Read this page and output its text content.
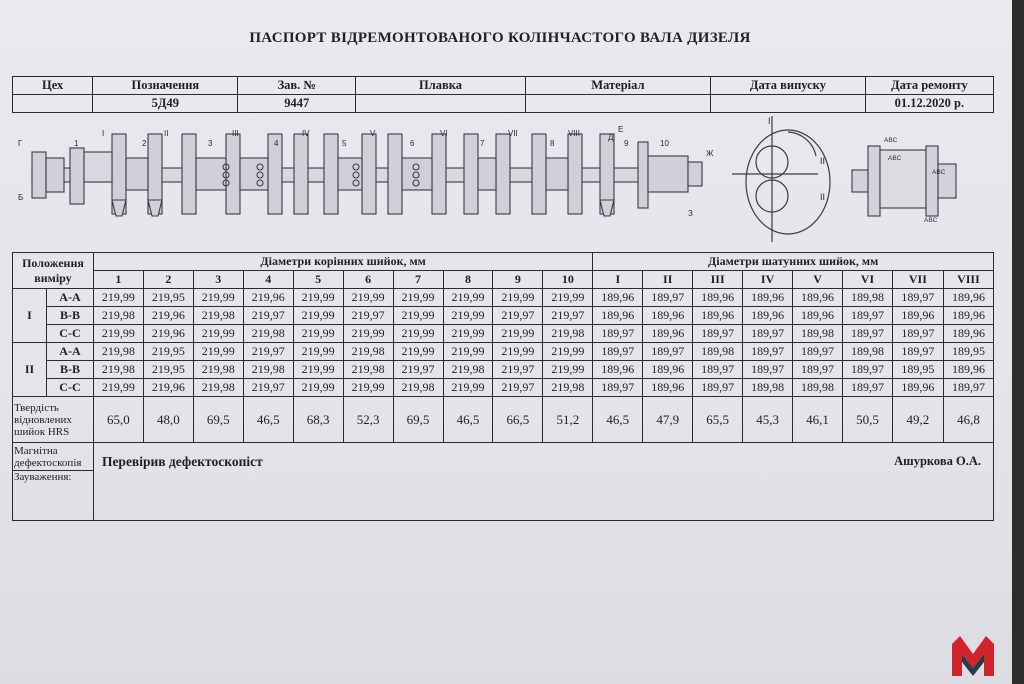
ПАСПОРТ ВІДРЕМОНТОВАНОГО КОЛІНЧАСТОГО ВАЛА ДИЗЕЛЯ
Цех	Позначення	Зав. №	Плавка	Матеріал	Дата випуску	Дата ремонту
	5Д49	9447				01.12.2020 р.
1	2	3	4	5	6	7	8	9	10
I	II	III	IV	V	VI	VII	VIII
Г
Б
Д
Е
Ж
З
I
II
II
ABC
ABC
ABC
ABC
Положення виміру		Діаметри корінних шийок, мм										Діаметри шатунних шийок, мм							
		1	2	3	4	5	6	7	8	9	10	I	II	III	IV	V	VI	VII	VIII
I	А-А	219,99	219,95	219,99	219,96	219,99	219,99	219,99	219,99	219,99	219,99	189,96	189,97	189,96	189,96	189,96	189,98	189,97	189,96
	В-В	219,98	219,96	219,98	219,97	219,99	219,97	219,99	219,99	219,97	219,97	189,96	189,96	189,96	189,96	189,96	189,97	189,96	189,96
	С-С	219,99	219,96	219,99	219,98	219,99	219,99	219,99	219,99	219,99	219,98	189,97	189,96	189,97	189,97	189,98	189,97	189,97	189,96
II	А-А	219,98	219,95	219,99	219,97	219,99	219,98	219,99	219,99	219,99	219,99	189,97	189,97	189,98	189,97	189,97	189,98	189,97	189,95
	В-В	219,98	219,95	219,98	219,98	219,99	219,98	219,97	219,98	219,97	219,99	189,96	189,96	189,97	189,97	189,97	189,97	189,95	189,96
	С-С	219,99	219,96	219,98	219,97	219,99	219,99	219,98	219,99	219,97	219,98	189,97	189,96	189,97	189,98	189,98	189,97	189,96	189,97
Твердість відновлених шийок HRS		65,0	48,0	69,5	46,5	68,3	52,3	69,5	46,5	66,5	51,2	46,5	47,9	65,5	45,3	46,1	50,5	49,2	46,8
Магнітна дефектоскопія		Перевірив дефектоскопіст Ашуркова О.А.																	

Зауваження:																			
